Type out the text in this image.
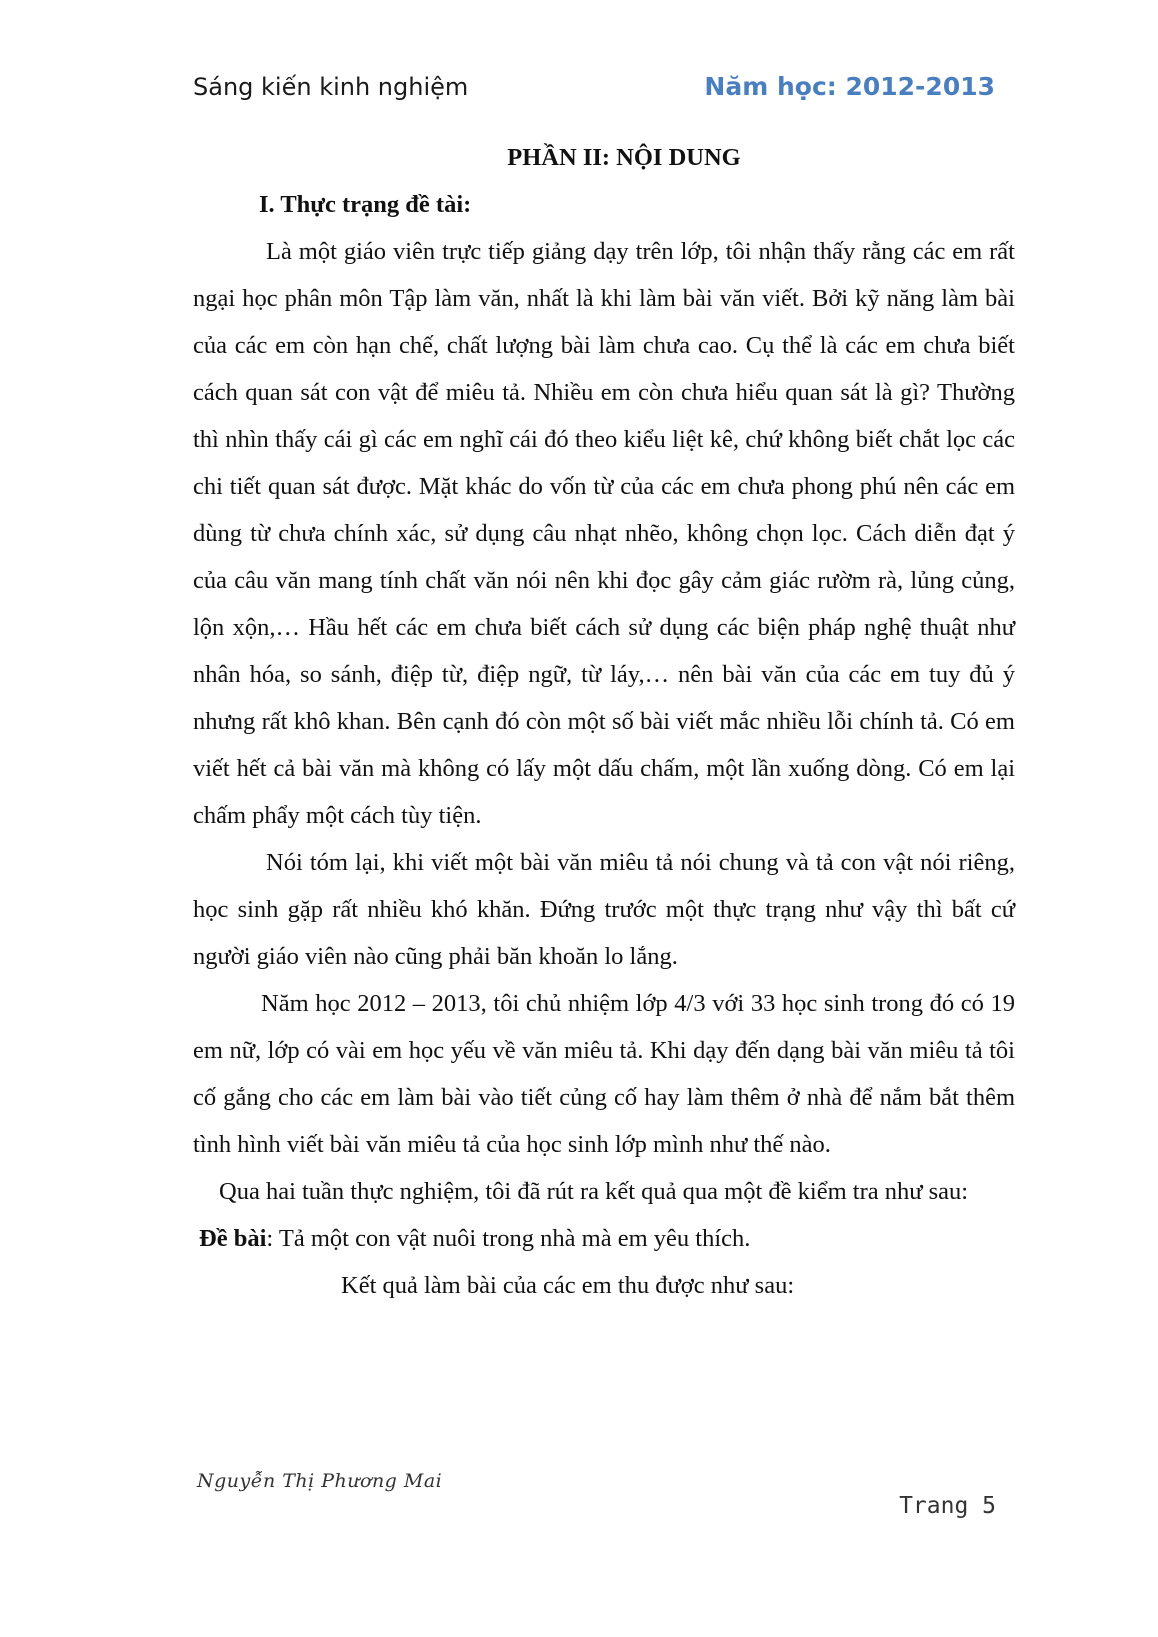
Sáng kiến kinh nghiệm	Năm học: 2012-2013

PHẦN II: NỘI DUNG

I. Thực trạng đề tài:

Là một giáo viên trực tiếp giảng dạy trên lớp, tôi nhận thấy rằng các em rất ngại học phân môn Tập làm văn, nhất là khi làm bài văn viết. Bởi kỹ năng làm bài của các em còn hạn chế, chất lượng bài làm chưa cao. Cụ thể là các em chưa biết cách quan sát con vật để miêu tả. Nhiều em còn chưa hiểu quan sát là gì? Thường thì nhìn thấy cái gì các em nghĩ cái đó theo kiểu liệt kê, chứ không biết chắt lọc các chi tiết quan sát được. Mặt khác do vốn từ của các em chưa phong phú nên các em dùng từ chưa chính xác, sử dụng câu nhạt nhẽo, không chọn lọc. Cách diễn đạt ý của câu văn mang tính chất văn nói nên khi đọc gây cảm giác rườm rà, lủng củng, lộn xộn,… Hầu hết các em chưa biết cách sử dụng các biện pháp nghệ thuật như nhân hóa, so sánh, điệp từ, điệp ngữ, từ láy,… nên bài văn của các em tuy đủ ý nhưng rất khô khan. Bên cạnh đó còn một số bài viết mắc nhiều lỗi chính tả. Có em viết hết cả bài văn mà không có lấy một dấu chấm, một lần xuống dòng. Có em lại chấm phẩy một cách tùy tiện.

Nói tóm lại, khi viết một bài văn miêu tả nói chung và tả con vật nói riêng, học sinh gặp rất nhiều khó khăn. Đứng trước một thực trạng như vậy thì bất cứ người giáo viên nào cũng phải băn khoăn lo lắng.

Năm học 2012 – 2013, tôi chủ nhiệm lớp 4/3 với 33 học sinh trong đó có 19 em nữ, lớp có vài em học yếu về văn miêu tả. Khi dạy đến dạng bài văn miêu tả tôi cố gắng cho các em làm bài vào tiết củng cố hay làm thêm ở nhà để nắm bắt thêm tình hình viết bài văn miêu tả của học sinh lớp mình như thế nào.

Qua hai tuần thực nghiệm, tôi đã rút ra kết quả qua một đề kiểm tra như sau:

Đề bài: Tả một con vật nuôi trong nhà mà em yêu thích.

Kết quả làm bài của các em thu được như sau:

Nguyễn Thị Phương Mai
Trang 5
